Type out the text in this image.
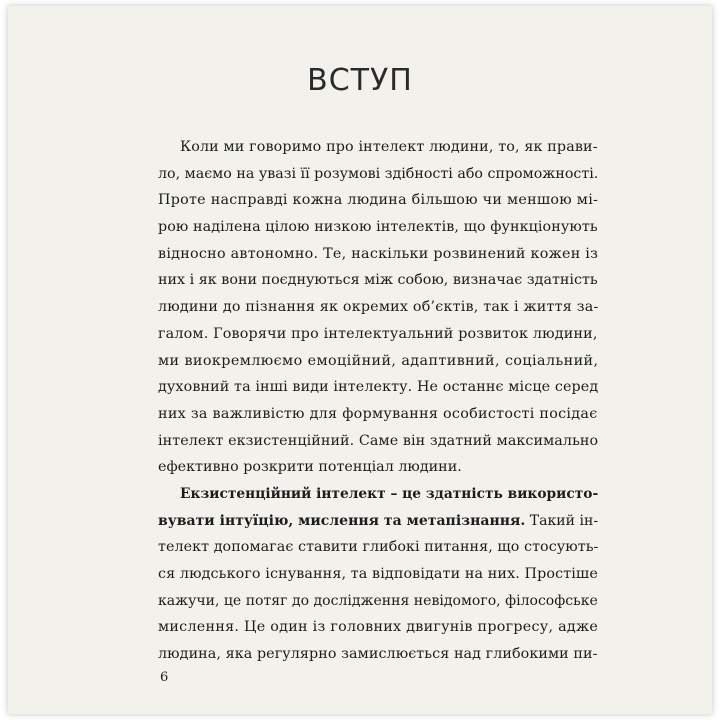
ВСТУП
Коли ми говоримо про інтелект людини, то, як прави-
ло, маємо на увазі її розумові здібності або спроможності.
Проте насправді кожна людина більшою чи меншою мі-
рою наділена цілою низкою інтелектів, що функціонують
відносно автономно. Те, наскільки розвинений кожен із
них і як вони поєднуються між собою, визначає здатність
людини до пізнання як окремих об’єктів, так і життя за-
галом. Говорячи про інтелектуальний розвиток людини,
ми виокремлюємо емоційний, адаптивний, соціальний,
духовний та інші види інтелекту. Не останнє місце серед
них за важливістю для формування особистості посідає
інтелект екзистенційний. Саме він здатний максимально
ефективно розкрити потенціал людини.
Екзистенційний інтелект – це здатність використо-
вувати інтуїцію, мислення та метапізнання. Такий ін-
телект допомагає ставити глибокі питання, що стосують-
ся людського існування, та відповідати на них. Простіше
кажучи, це потяг до дослідження невідомого, філософське
мислення. Це один із головних двигунів прогресу, адже
людина, яка регулярно замислюється над глибокими пи-
6
